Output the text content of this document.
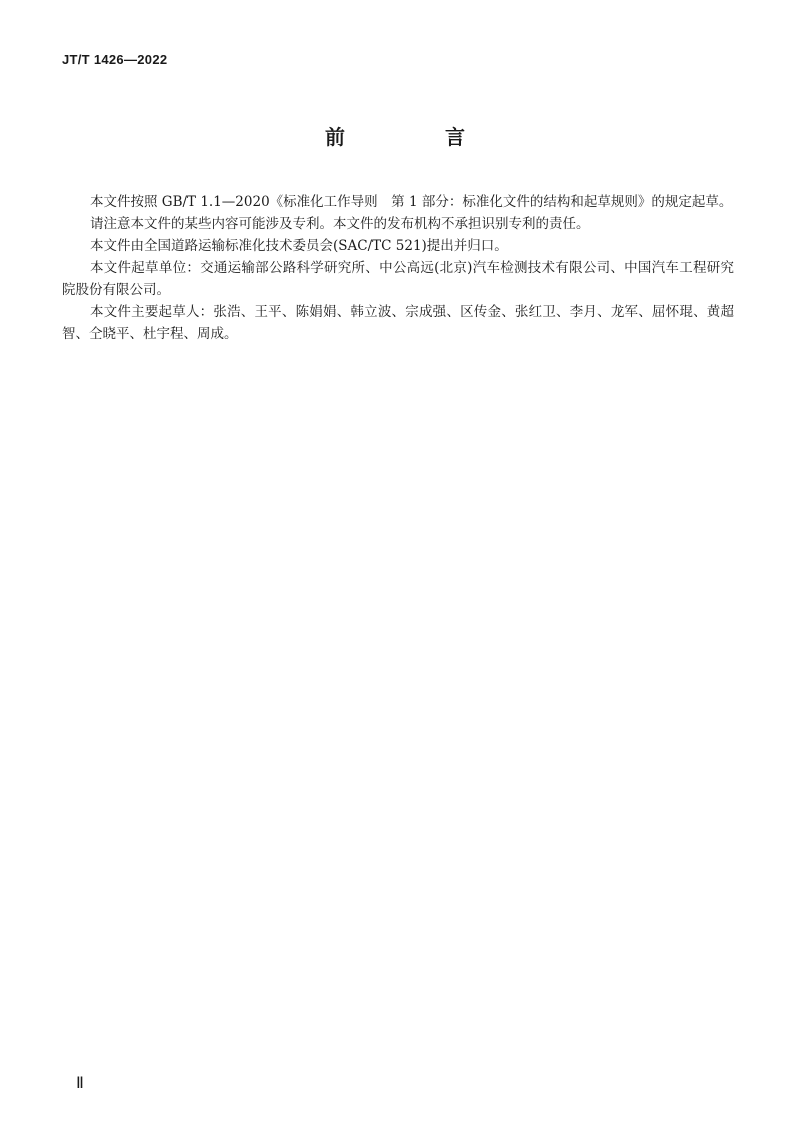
JT/T 1426—2022
前　言

本文件按照 GB/T 1.1—2020《标准化工作导则　第 1 部分：标准化文件的结构和起草规则》的规定起草。

请注意本文件的某些内容可能涉及专利。本文件的发布机构不承担识别专利的责任。

本文件由全国道路运输标准化技术委员会(SAC/TC 521)提出并归口。

本文件起草单位：交通运输部公路科学研究所、中公高远(北京)汽车检测技术有限公司、中国汽车工程研究院股份有限公司。

本文件主要起草人：张浩、王平、陈娟娟、韩立波、宗成强、区传金、张红卫、李月、龙军、屈怀琨、黄超智、仝晓平、杜宇程、周成。

Ⅱ
